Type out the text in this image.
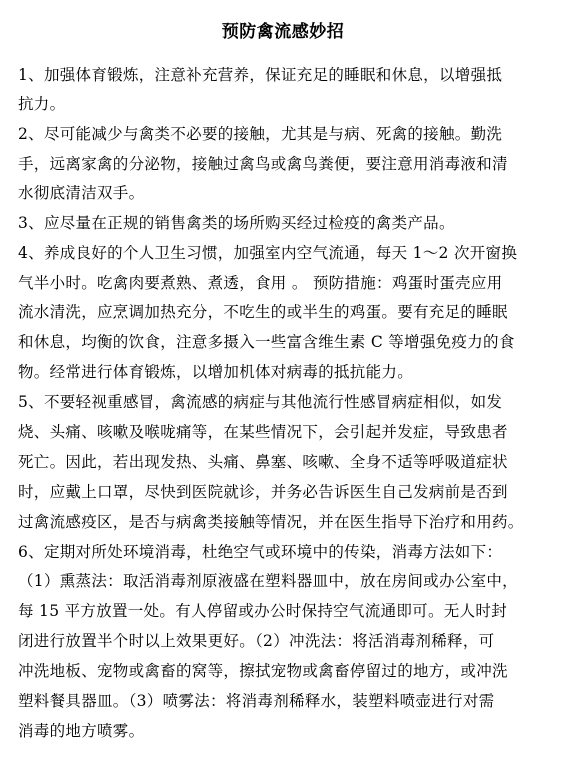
预防禽流感妙招
1、加强体育锻炼，注意补充营养，保证充足的睡眠和休息，以增强抵
抗力。
2、尽可能减少与禽类不必要的接触，尤其是与病、死禽的接触。勤洗
手，远离家禽的分泌物，接触过禽鸟或禽鸟粪便，要注意用消毒液和清
水彻底清洁双手。
3、应尽量在正规的销售禽类的场所购买经过检疫的禽类产品。
4、养成良好的个人卫生习惯，加强室内空气流通，每天 1～2 次开窗换
气半小时。吃禽肉要煮熟、煮透，食用 。 预防措施：鸡蛋时蛋壳应用
流水清洗，应烹调加热充分，不吃生的或半生的鸡蛋。要有充足的睡眠
和休息，均衡的饮食，注意多摄入一些富含维生素 C 等增强免疫力的食
物。经常进行体育锻炼，以增加机体对病毒的抵抗能力。
5、不要轻视重感冒，禽流感的病症与其他流行性感冒病症相似，如发
烧、头痛、咳嗽及喉咙痛等，在某些情况下，会引起并发症，导致患者
死亡。因此，若出现发热、头痛、鼻塞、咳嗽、全身不适等呼吸道症状
时，应戴上口罩，尽快到医院就诊，并务必告诉医生自己发病前是否到
过禽流感疫区，是否与病禽类接触等情况，并在医生指导下治疗和用药。
6、定期对所处环境消毒，杜绝空气或环境中的传染，消毒方法如下：
（1）熏蒸法：取活消毒剂原液盛在塑料器皿中，放在房间或办公室中，
每 15 平方放置一处。有人停留或办公时保持空气流通即可。无人时封
闭进行放置半个时以上效果更好。（2）冲洗法：将活消毒剂稀释，可
冲洗地板、宠物或禽畜的窝等，擦拭宠物或禽畜停留过的地方，或冲洗
塑料餐具器皿。（3）喷雾法：将消毒剂稀释水，装塑料喷壶进行对需
消毒的地方喷雾。
